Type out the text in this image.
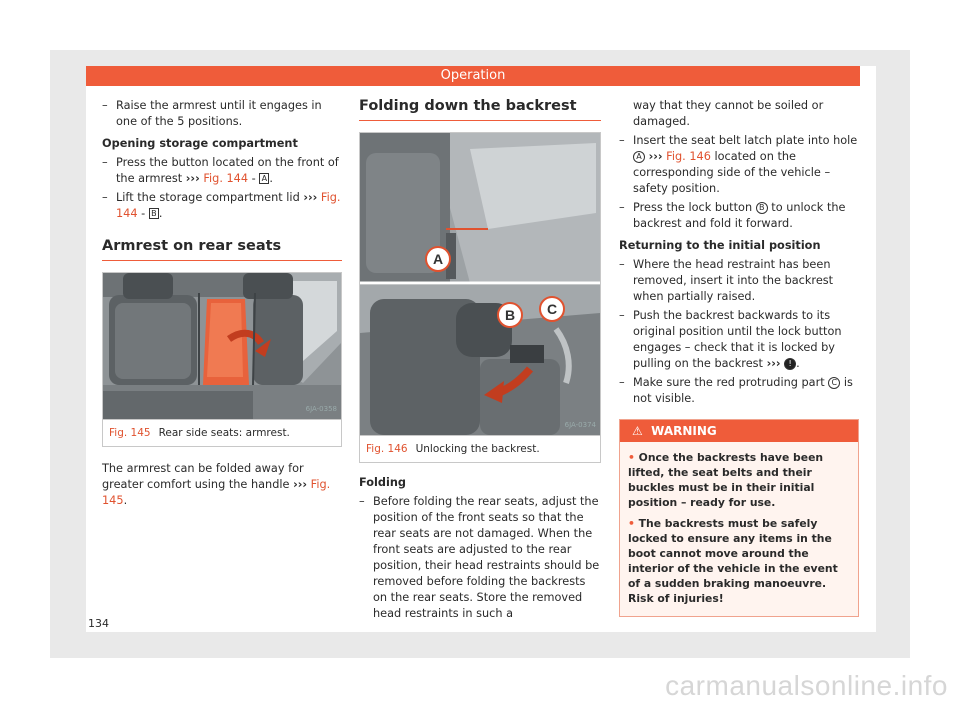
Operation
– Raise the armrest until it engages in one of the 5 positions.
Opening storage compartment
– Press the button located on the front of the armrest ››› Fig. 144 - A .
– Lift the storage compartment lid ››› Fig. 144 - B .
Armrest on rear seats
6JA-0358
Fig. 145 Rear side seats: armrest.

The armrest can be folded away for greater comfort using the handle ››› Fig. 145.

Folding down the backrest
A
B C
6JA-0374
Fig. 146 Unlocking the backrest.
Folding
– Before folding the rear seats, adjust the position of the front seats so that the rear seats are not damaged. When the front seats are adjusted to the rear position, their head restraints should be removed before folding the backrests on the rear seats. Store the removed head restraints in such a

way that they cannot be soiled or damaged.

– Insert the seat belt latch plate into hole A ››› Fig. 146 located on the corresponding side of the vehicle – safety position.
– Press the lock button B to unlock the backrest and fold it forward.
Returning to the initial position
– Where the head restraint has been removed, insert it into the backrest when partially raised.
– Push the backrest backwards to its original position until the lock button engages – check that it is locked by pulling on the backrest ››› ! .
– Make sure the red protruding part C is not visible.
⚠ WARNING

• Once the backrests have been lifted, the seat belts and their buckles must be in their initial position – ready for use.

• The backrests must be safely locked to ensure any items in the boot cannot move around the interior of the vehicle in the event of a sudden braking manoeuvre. Risk of injuries!

134
carmanualsonline.info
